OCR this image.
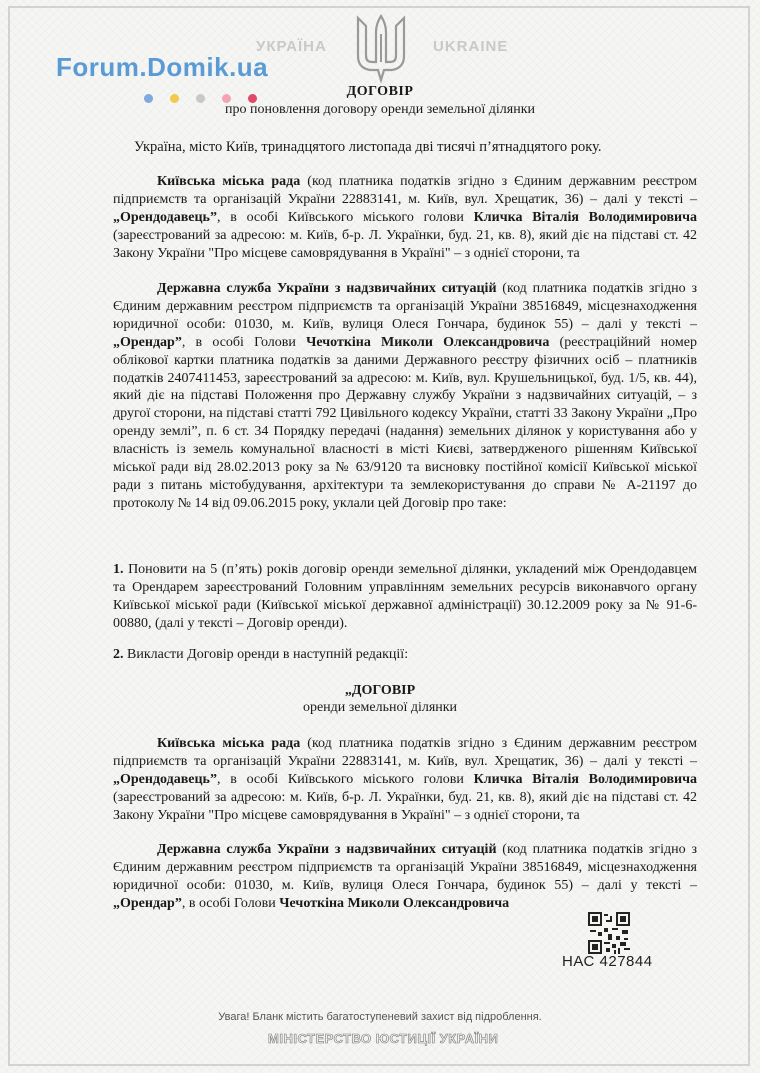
УКРАЇНА	UKRAINE
Forum.Domik.ua
ДОГОВІР
про поновлення договору оренди земельної ділянки
Україна, місто Київ, тринадцятого листопада дві тисячі п’ятнадцятого року.

Київська міська рада (код платника податків згідно з Єдиним державним реєстром підприємств та організацій України 22883141, м. Київ, вул. Хрещатик, 36) – далі у тексті – „Орендодавець”, в особі Київського міського голови Кличка Віталія Володимировича (зареєстрований за адресою: м. Київ, б-р. Л. Українки, буд. 21, кв. 8), який діє на підставі ст. 42 Закону України "Про місцеве самоврядування в Україні" – з однієї сторони, та

Державна служба України з надзвичайних ситуацій (код платника податків згідно з Єдиним державним реєстром підприємств та організацій України 38516849, місцезнаходження юридичної особи: 01030, м. Київ, вулиця Олеся Гончара, будинок 55) – далі у тексті – „Орендар”, в особі Голови Чечоткіна Миколи Олександровича (реєстраційний номер облікової картки платника податків за даними Державного реєстру фізичних осіб – платників податків 2407411453, зареєстрований за адресою: м. Київ, вул. Крушельницької, буд. 1/5, кв. 44), який діє на підставі Положення про Державну службу України з надзвичайних ситуацій, – з другої сторони, на підставі статті 792 Цивільного кодексу України, статті 33 Закону України „Про оренду землі”, п. 6 ст. 34 Порядку передачі (надання) земельних ділянок у користування або у власність із земель комунальної власності в місті Києві, затвердженого рішенням Київської міської ради від 28.02.2013 року за № 63/9120 та висновку постійної комісії Київської міської ради з питань містобудування, архітектури та землекористування до справи № А-21197 до протоколу № 14 від 09.06.2015 року, уклали цей Договір про таке:

1. Поновити на 5 (п’ять) років договір оренди земельної ділянки, укладений між Орендодавцем та Орендарем зареєстрований Головним управлінням земельних ресурсів виконавчого органу Київської міської ради (Київської міської державної адміністрації) 30.12.2009 року за № 91-6-00880, (далі у тексті – Договір оренди).

2. Викласти Договір оренди в наступній редакції:

„ДОГОВІР
оренди земельної ділянки

Київська міська рада (код платника податків згідно з Єдиним державним реєстром підприємств та організацій України 22883141, м. Київ, вул. Хрещатик, 36) – далі у тексті – „Орендодавець”, в особі Київського міського голови Кличка Віталія Володимировича (зареєстрований за адресою: м. Київ, б-р. Л. Українки, буд. 21, кв. 8), який діє на підставі ст. 42 Закону України "Про місцеве самоврядування в Україні" – з однієї сторони, та

Державна служба України з надзвичайних ситуацій (код платника податків згідно з Єдиним державним реєстром підприємств та організацій України 38516849, місцезнаходження юридичної особи: 01030, м. Київ, вулиця Олеся Гончара, будинок 55) – далі у тексті – „Орендар”, в особі Голови Чечоткіна Миколи Олександровича

НАС 427844
Увага! Бланк містить багатоступеневий захист від підроблення.
МІНІСТЕРСТВО ЮСТИЦІЇ УКРАЇНИ
